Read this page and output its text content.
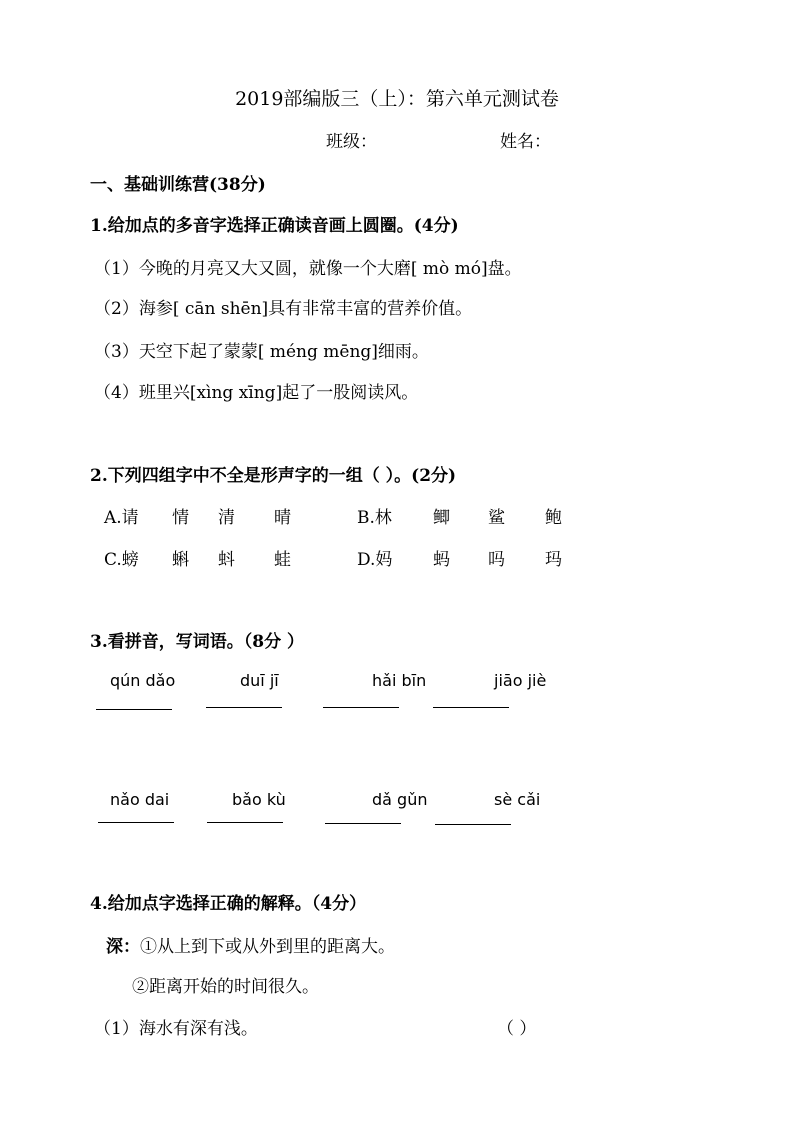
2019部编版三（上）：第六单元测试卷
班级：	姓名：
一、基础训练营(38分)
1.给加点的多音字选择正确读音画上圆圈。(4分)
（1）今晚的月亮又大又圆，就像一个大磨[ mò mó]盘。
（2）海参[ cān shēn]具有非常丰富的营养价值。
（3）天空下起了蒙蒙[ méng mēng]细雨。
（4）班里兴[xìng xīng]起了一股阅读风。
2.下列四组字中不全是形声字的一组（ ）。(2分)
A.请 情 清 晴	B.林 鲫 鲨 鲍
C.螃 蝌 蚪 蛙	D.妈 蚂 吗 玛
3.看拼音，写词语。（8分 ）
qún dǎo	duī jī	hǎi bīn	jiāo jiè
nǎo dai	bǎo kù	dǎ gǔn	sè cǎi
4.给加点字选择正确的解释。（4分）
深：①从上到下或从外到里的距离大。
②距离开始的时间很久。
（1）海水有深有浅。	（ ）
